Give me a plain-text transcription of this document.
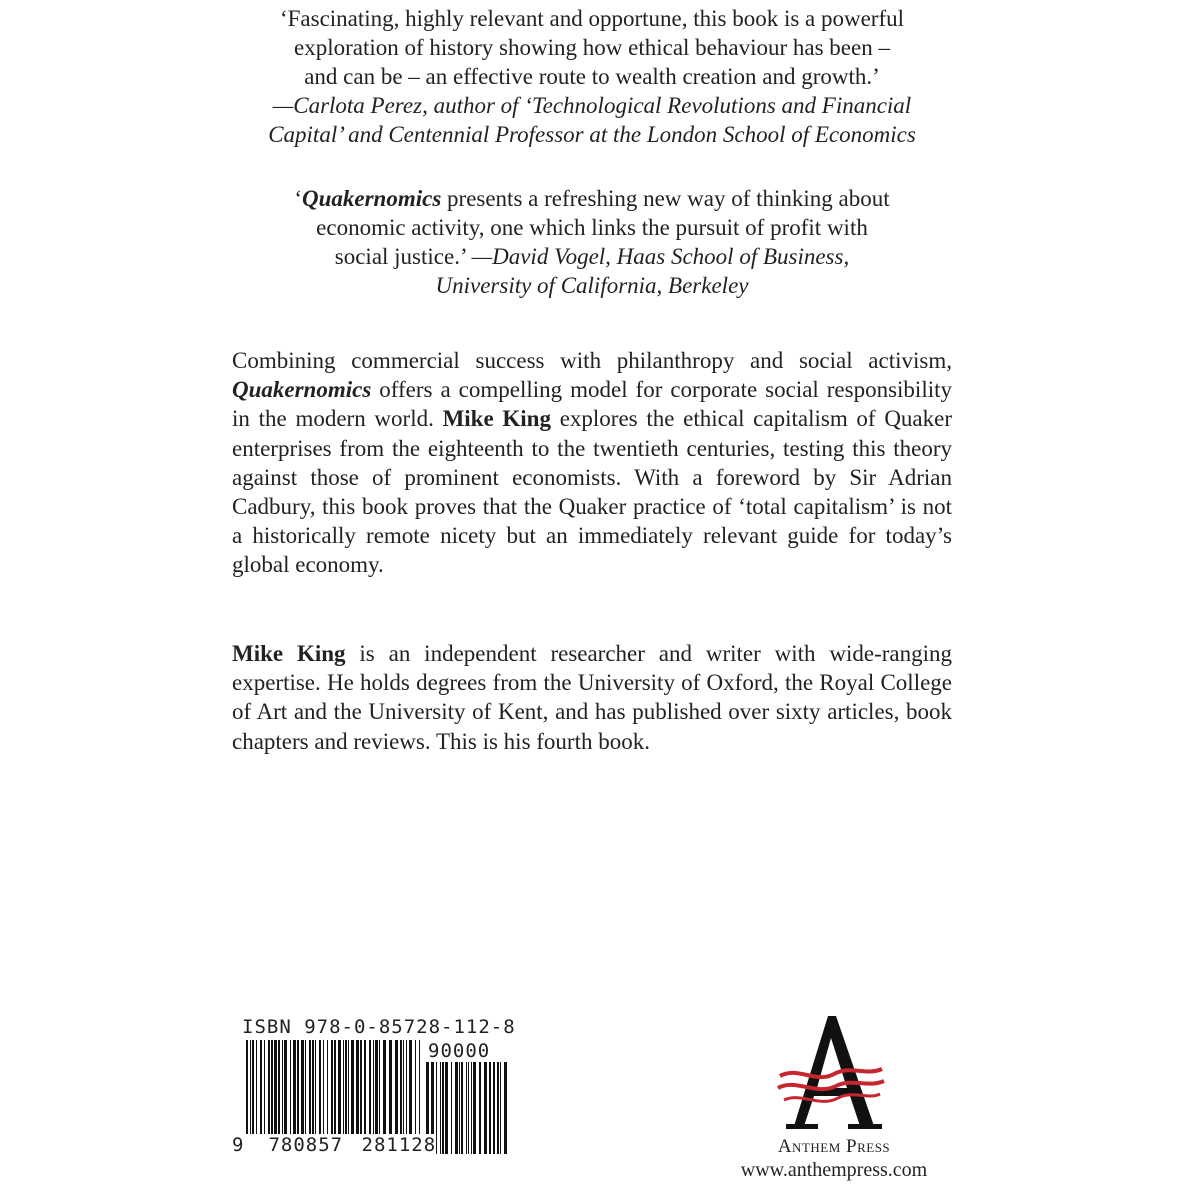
‘Fascinating, highly relevant and opportune, this book is a powerful
exploration of history showing how ethical behaviour has been –
and can be – an effective route to wealth creation and growth.’
—Carlota Perez, author of ‘Technological Revolutions and Financial
Capital’ and Centennial Professor at the London School of Economics
‘Quakernomics presents a refreshing new way of thinking about
economic activity, one which links the pursuit of profit with
social justice.’ —David Vogel, Haas School of Business,
University of California, Berkeley

Combining commercial success with philanthropy and social activism, Quakernomics offers a compelling model for corporate social responsibility in the modern world. Mike King explores the ethical capitalism of Quaker enterprises from the eighteenth to the twentieth centuries, testing this theory against those of prominent economists. With a foreword by Sir Adrian Cadbury, this book proves that the Quaker practice of ‘total capitalism’ is not a historically remote nicety but an immediately relevant guide for today’s global economy.

Mike King is an independent researcher and writer with wide-ranging expertise. He holds degrees from the University of Oxford, the Royal College of Art and the University of Kent, and has published over sixty articles, book chapters and reviews. This is his fourth book.

ISBN 978-0-85728-112-8
90000
9 780857 281128	Anthem Press
www.anthempress.com
